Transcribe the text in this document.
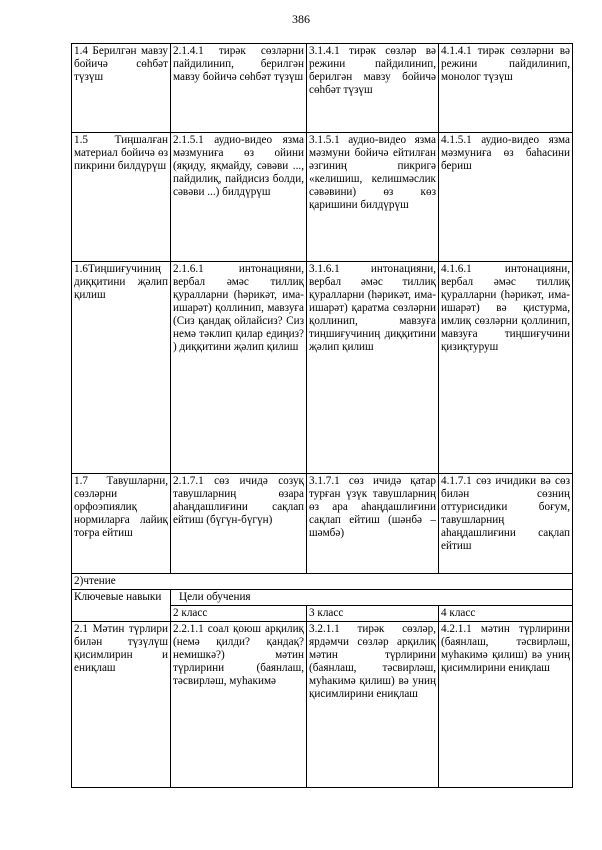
386
1.4 Берилгән мавзу бойичә сөһбәт түзүш	2.1.4.1 тирәк сөзләрни пайдилинип, берилгән мавзу бойичә сөһбәт түзүш	3.1.4.1 тирәк сөзләр вә режини пайдилинип, берилгән мавзу бойичә сөһбәт түзүш	4.1.4.1 тирәк сөзләрни вә режини пайдилинип, монолог түзүш
1.5 Тиңшалған материал бойичә өз пикрини билдүрүш	2.1.5.1 аудио-видео язма мәзмуниға өз ойини (яқиду, яқмайду, сәвәви ..., пайдилиқ, пайдисиз болди, сәвәви ...) билдүрүш	3.1.5.1 аудио-видео язма мәзмуни бойичә ейтилған әзгиниң пикригә «келишиш, келишмәслик сәвәвини) өз көз қаришини билдүрүш	4.1.5.1 аудио-видео язма мәзмуниға өз баһасини бериш
1.6Тиңшиғучиниң диққитини җәлип қилиш	2.1.6.1 интонацияни, вербал әмәс тиллиқ қуралларни (һәрикәт, има-ишарәт) қоллинип, мавзуға (Сиз қандақ ойлайсиз? Сиз немә тәклип қилар едиңиз? ) диққитини җәлип қилиш	3.1.6.1 интонацияни, вербал әмәс тиллиқ қуралларни (һәрикәт, има-ишарәт) қаратма сөзләрни қоллинип, мавзуға тиңшиғучиниң диққитини җәлип қилиш	4.1.6.1 интонацияни, вербал әмәс тиллиқ қуралларни (һәрикәт, има-ишарәт) вә қистурма, имлиқ сөзләрни қоллинип, мавзуға тиңшиғучини қизиқтуруш
1.7 Тавушларни, сөзләрни орфоэпиялиқ нормиларға лайиқ тоғра ейтиш	2.1.7.1 сөз ичидә созуқ тавушларниң өзара аһаңдашлиғини сақлап ейтиш (бүгүн-бүгүн)	3.1.7.1 сөз ичидә қатар турған үзүк тавушларниң өз ара аһаңдашлиғини сақлап ейтиш (шәнбә – шәмбә)	4.1.7.1 сөз ичидики вә сөз билән сөзниң оттурисидики боғум, тавушларниң аһаңдашлиғини сақлап ейтиш
2)чтение			
Ключевые навыки	Цели обучения		
	2 класс	3 класс	4 класс
2.1 Мәтин түрлири билән түзүлүш қисимлирин и ениқлаш	2.2.1.1 соал қоюш арқилиқ (немә қилди? қандақ? немишкә?) мәтин түрлирини (баянлаш, тәсвирләш, муһакимә	3.2.1.1 тирәк сөзләр, ярдәмчи сөзләр арқилиқ мәтин түрлирини (баянлаш, тәсвирләш, муһакимә қилиш) вә униң қисимлирини ениқлаш	4.2.1.1 мәтин түрлирини (баянлаш, тәсвирләш, муһакимә қилиш) вә униң қисимлирини ениқлаш
